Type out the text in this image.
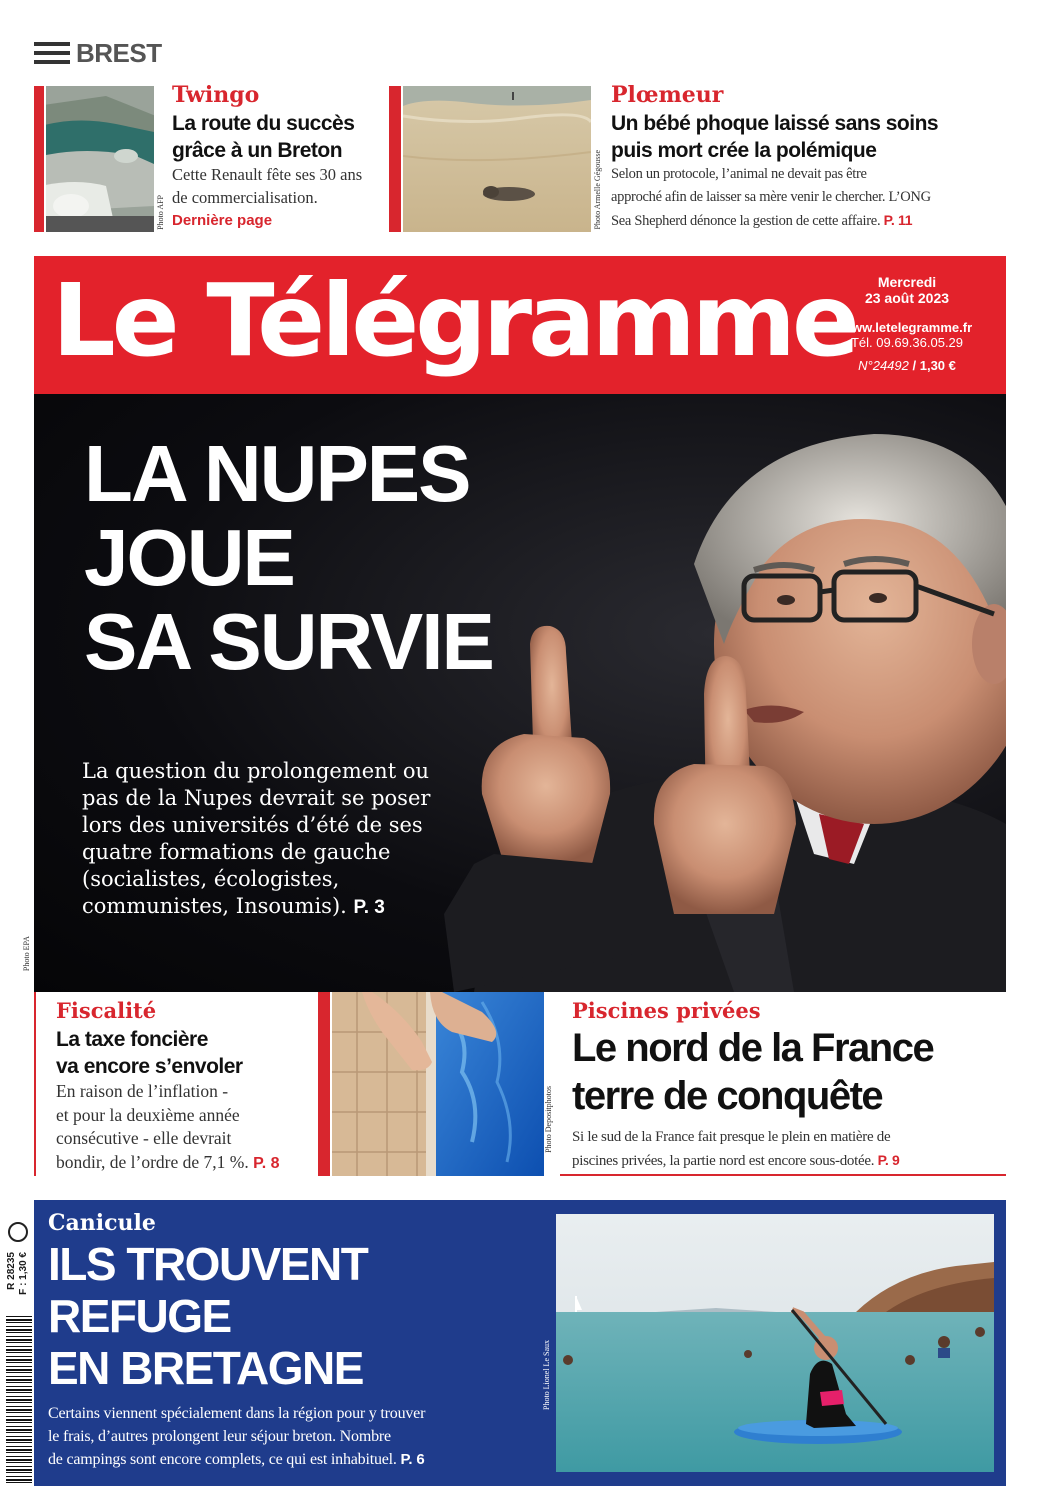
BREST
Photo AFP
Twingo
La route du succès
grâce à un Breton
Cette Renault fête ses 30 ans
de commercialisation.
Dernière page	Photo Armelle Gégousse
Plœmeur
Un bébé phoque laissé sans soins
puis mort crée la polémique
Selon un protocole, l’animal ne devait pas être
approché afin de laisser sa mère venir le chercher. L’ONG
Sea Shepherd dénonce la gestion de cette affaire. P. 11
Le Télégramme	Mercredi
23 août 2023
www.letelegramme.fr
Tél. 09.69.36.05.29
N°24492 / 1,30 €
LA NUPES
JOUE
SA SURVIE
La question du prolongement ou pas de la Nupes devrait se poser lors des universités d’été de ses quatre formations de gauche (socialistes, écologistes, communistes, Insoumis). P. 3
Photo EPA
Fiscalité
La taxe foncière
va encore s’envoler
En raison de l’inflation -
et pour la deuxième année
consécutive - elle devrait
bondir, de l’ordre de 7,1 %. P. 8
Photo Depositphotos
Piscines privées
Le nord de la France
terre de conquête
Si le sud de la France fait presque le plein en matière de
piscines privées, la partie nord est encore sous-dotée. P. 9
R 28235 F : 1,30 €
Canicule
ILS TROUVENT
REFUGE
EN BRETAGNE
Certains viennent spécialement dans la région pour y trouver
le frais, d’autres prolongent leur séjour breton. Nombre
de campings sont encore complets, ce qui est inhabituel. P. 6
Photo Lionel Le Saux
